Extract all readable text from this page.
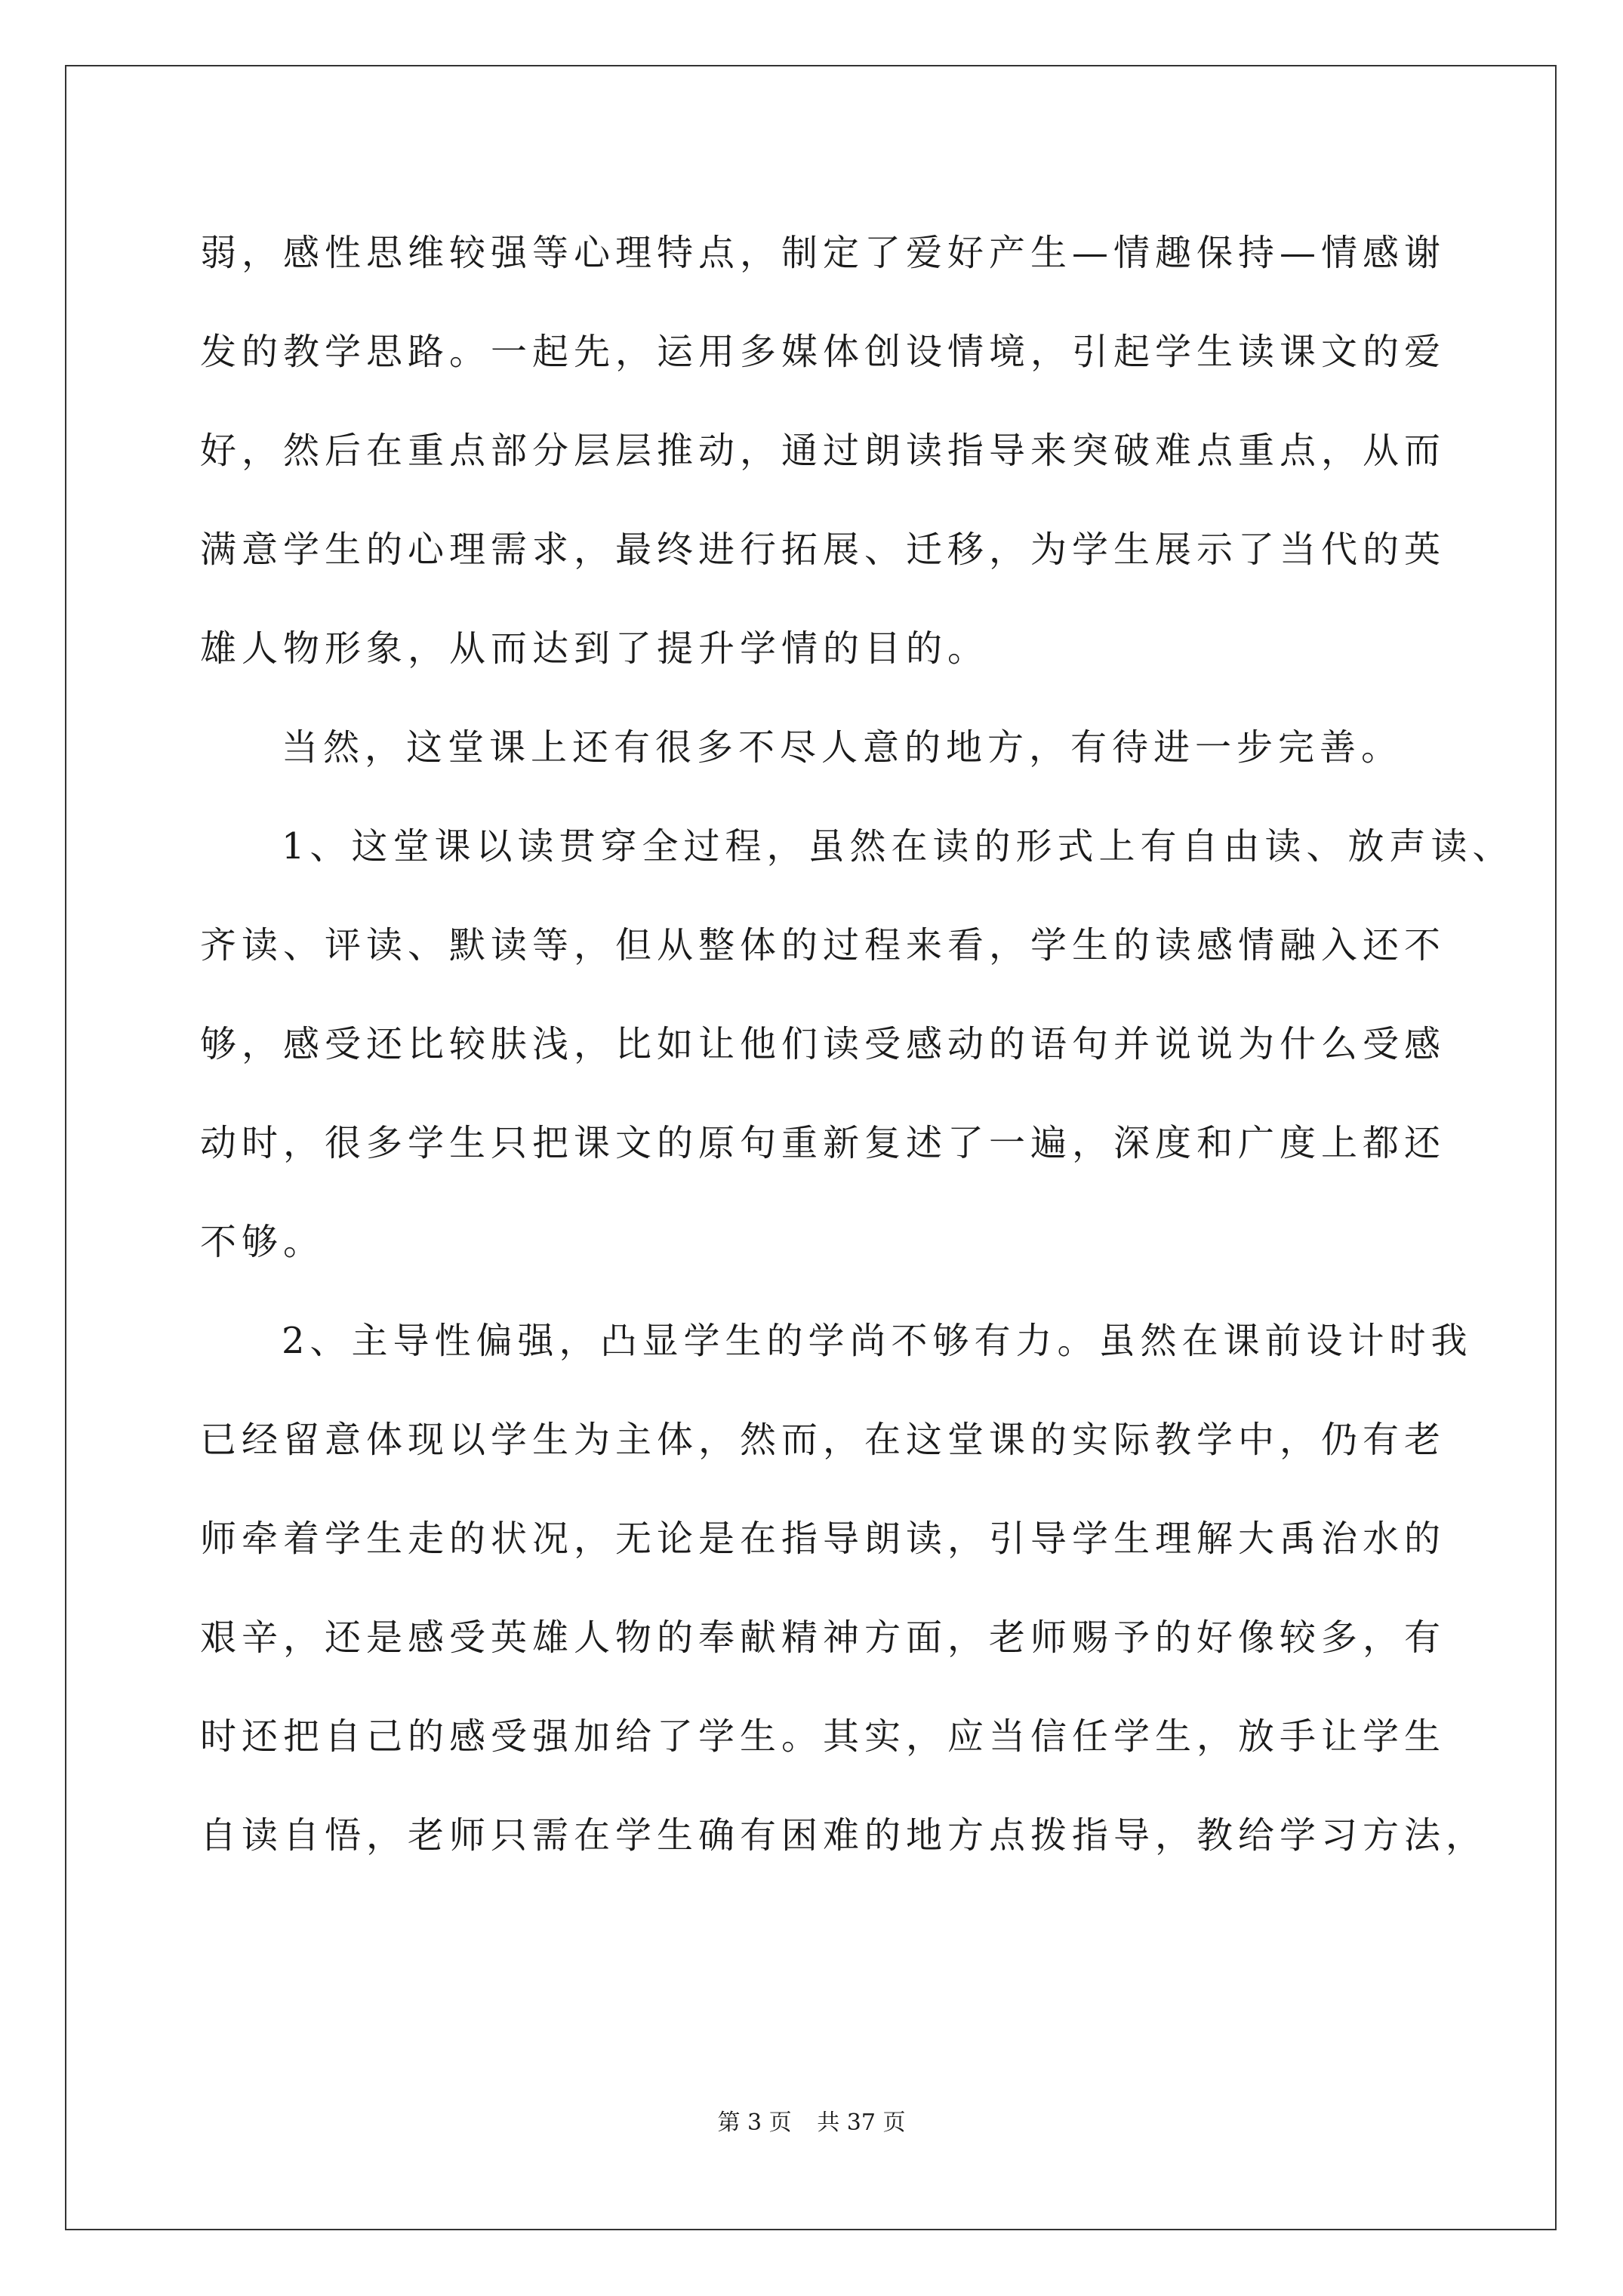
弱，感性思维较强等心理特点，制定了爱好产生—情趣保持—情感谢
发的教学思路。一起先，运用多媒体创设情境，引起学生读课文的爱
好，然后在重点部分层层推动，通过朗读指导来突破难点重点，从而
满意学生的心理需求，最终进行拓展、迁移，为学生展示了当代的英
雄人物形象，从而达到了提升学情的目的。
当然，这堂课上还有很多不尽人意的地方，有待进一步完善。
1、这堂课以读贯穿全过程，虽然在读的形式上有自由读、放声读、
齐读、评读、默读等，但从整体的过程来看，学生的读感情融入还不
够，感受还比较肤浅，比如让他们读受感动的语句并说说为什么受感
动时，很多学生只把课文的原句重新复述了一遍，深度和广度上都还
不够。
2、主导性偏强，凸显学生的学尚不够有力。虽然在课前设计时我
已经留意体现以学生为主体，然而，在这堂课的实际教学中，仍有老
师牵着学生走的状况，无论是在指导朗读，引导学生理解大禹治水的
艰辛，还是感受英雄人物的奉献精神方面，老师赐予的好像较多，有
时还把自己的感受强加给了学生。其实，应当信任学生，放手让学生
自读自悟，老师只需在学生确有困难的地方点拨指导，教给学习方法，
第 3 页 共 37 页
